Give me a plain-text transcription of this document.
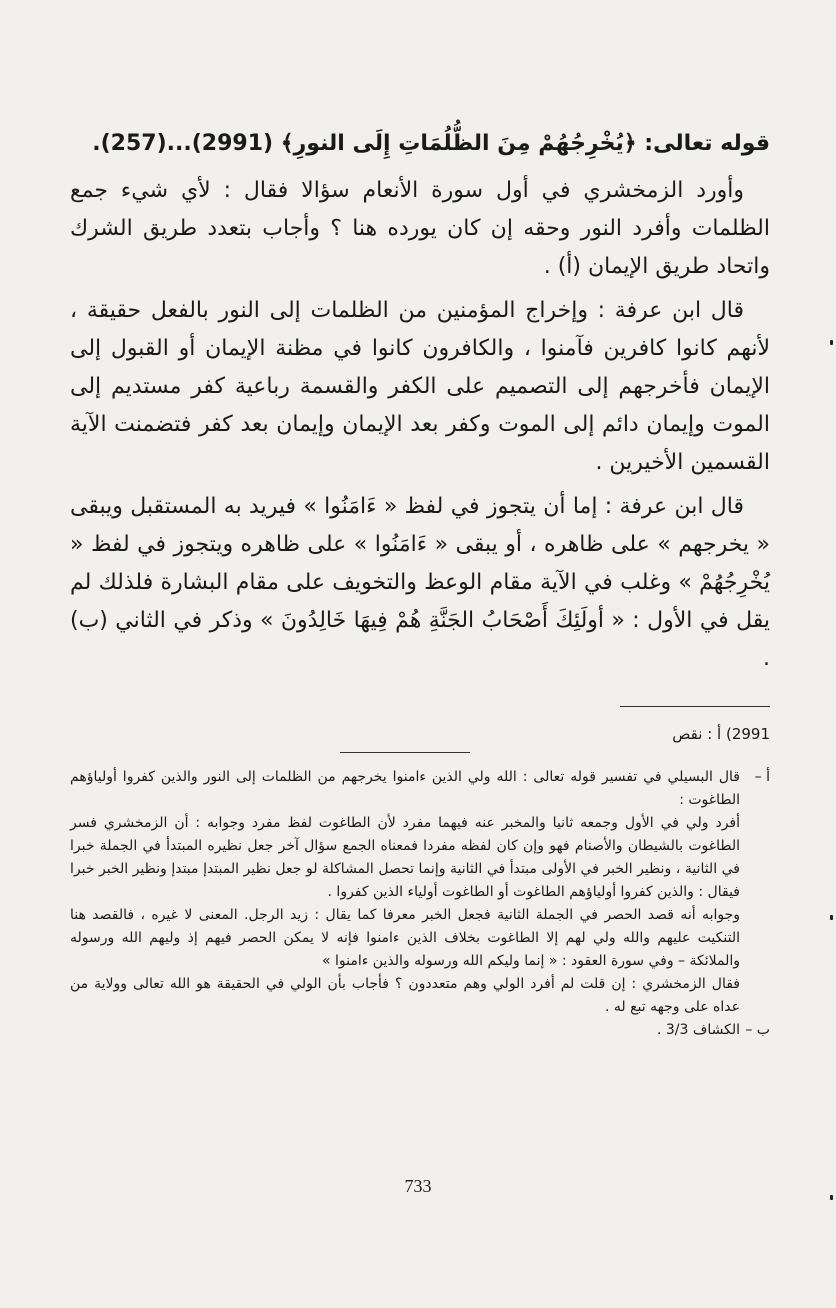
قوله تعالى: ﴿يُخْرِجُهُمْ مِنَ الظُّلُمَاتِ إِلَى النورِ﴾ (2991)...(257).

وأورد الزمخشري في أول سورة الأنعام سؤالا فقال : لأي شيء جمع الظلمات وأفرد النور وحقه إن كان يورده هنا ؟ وأجاب بتعدد طريق الشرك واتحاد طريق الإيمان (أ) .

قال ابن عرفة : وإخراج المؤمنين من الظلمات إلى النور بالفعل حقيقة ، لأنهم كانوا كافرين فآمنوا ، والكافرون كانوا في مظنة الإيمان أو القبول إلى الإيمان فأخرجهم إلى التصميم على الكفر والقسمة رباعية كفر مستديم إلى الموت وإيمان دائم إلى الموت وكفر بعد الإيمان وإيمان بعد كفر فتضمنت الآية القسمين الأخيرين .

قال ابن عرفة : إما أن يتجوز في لفظ « ءَامَنُوا » فيريد به المستقبل ويبقى « يخرجهم » على ظاهره ، أو يبقى « ءَامَنُوا » على ظاهره ويتجوز في لفظ « يُخْرِجُهُمْ » وغلب في الآية مقام الوعظ والتخويف على مقام البشارة فلذلك لم يقل في الأول : « أولَئِكَ أَصْحَابُ الجَنَّةِ هُمْ فِيهَا خَالِدُونَ » وذكر في الثاني (ب) .

2991) أ : نقص
أ –
قال البسيلي في تفسير قوله تعالى : الله ولي الذين ءامنوا يخرجهم من الظلمات إلى النور والذين كفروا أولياؤهم الطاغوت :

أفرد ولي في الأول وجمعه ثانيا والمخبر عنه فيهما مفرد لأن الطاغوت لفظ مفرد وجوابه : أن الزمخشري فسر الطاغوت بالشيطان والأصنام فهو وإن كان لفظه مفردا فمعناه الجمع سؤال آخر جعل نظيره المبتدأ في الجملة خبرا في الثانية ، ونظير الخبر في الأولى مبتدأ في الثانية وإنما تحصل المشاكلة لو جعل نظير المبتدإ مبتدإ ونظير الخبر خبرا فيقال : والذين كفروا أولياؤهم الطاغوت أو الطاغوت أولياء الذين كفروا .

وجوابه أنه قصد الحصر في الجملة الثانية فجعل الخبر معرفا كما يقال : زيد الرجل. المعنى لا غيره ، فالقصد هنا التنكيت عليهم والله ولي لهم إلا الطاغوت بخلاف الذين ءامنوا فإنه لا يمكن الحصر فيهم إذ وليهم الله ورسوله والملائكة – وفي سورة العقود : « إنما وليكم الله ورسوله والذين ءامنوا »

فقال الزمخشري : إن قلت لم أفرد الولي وهم متعددون ؟ فأجاب بأن الولي في الحقيقة هو الله تعالى وولاية من عداه على وجهه تبع له .

ب –
الكشاف 3/3 .
733
